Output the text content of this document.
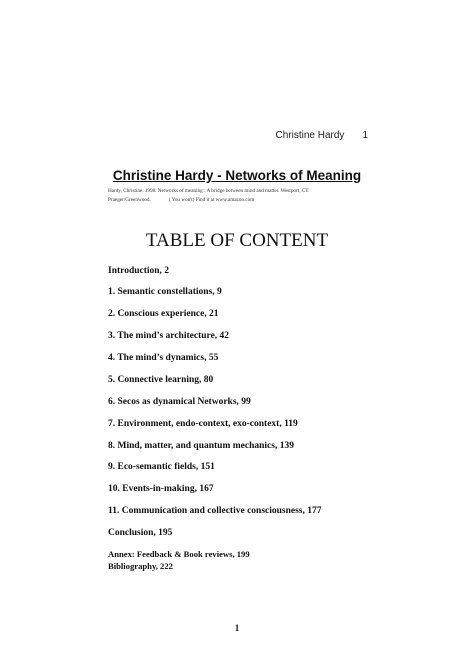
Christine Hardy 1
Christine Hardy - Networks of Meaning
Hardy, Christine. 1998. Networks of meaning : A bridge between mind and matter. Westport, CT:
Praeger/Greenwood.	( You won't) Find it at www.amazon.com
TABLE OF CONTENT
Introduction, 2
1. Semantic constellations, 9
2. Conscious experience, 21
3. The mind’s architecture, 42
4. The mind’s dynamics, 55
5. Connective learning, 80
6. Secos as dynamical Networks, 99
7. Environment, endo-context, exo-context, 119
8. Mind, matter, and quantum mechanics, 139
9. Eco-semantic fields, 151
10. Events-in-making, 167
11. Communication and collective consciousness, 177
Conclusion, 195
Annex: Feedback & Book reviews, 199
Bibliography, 222
1
